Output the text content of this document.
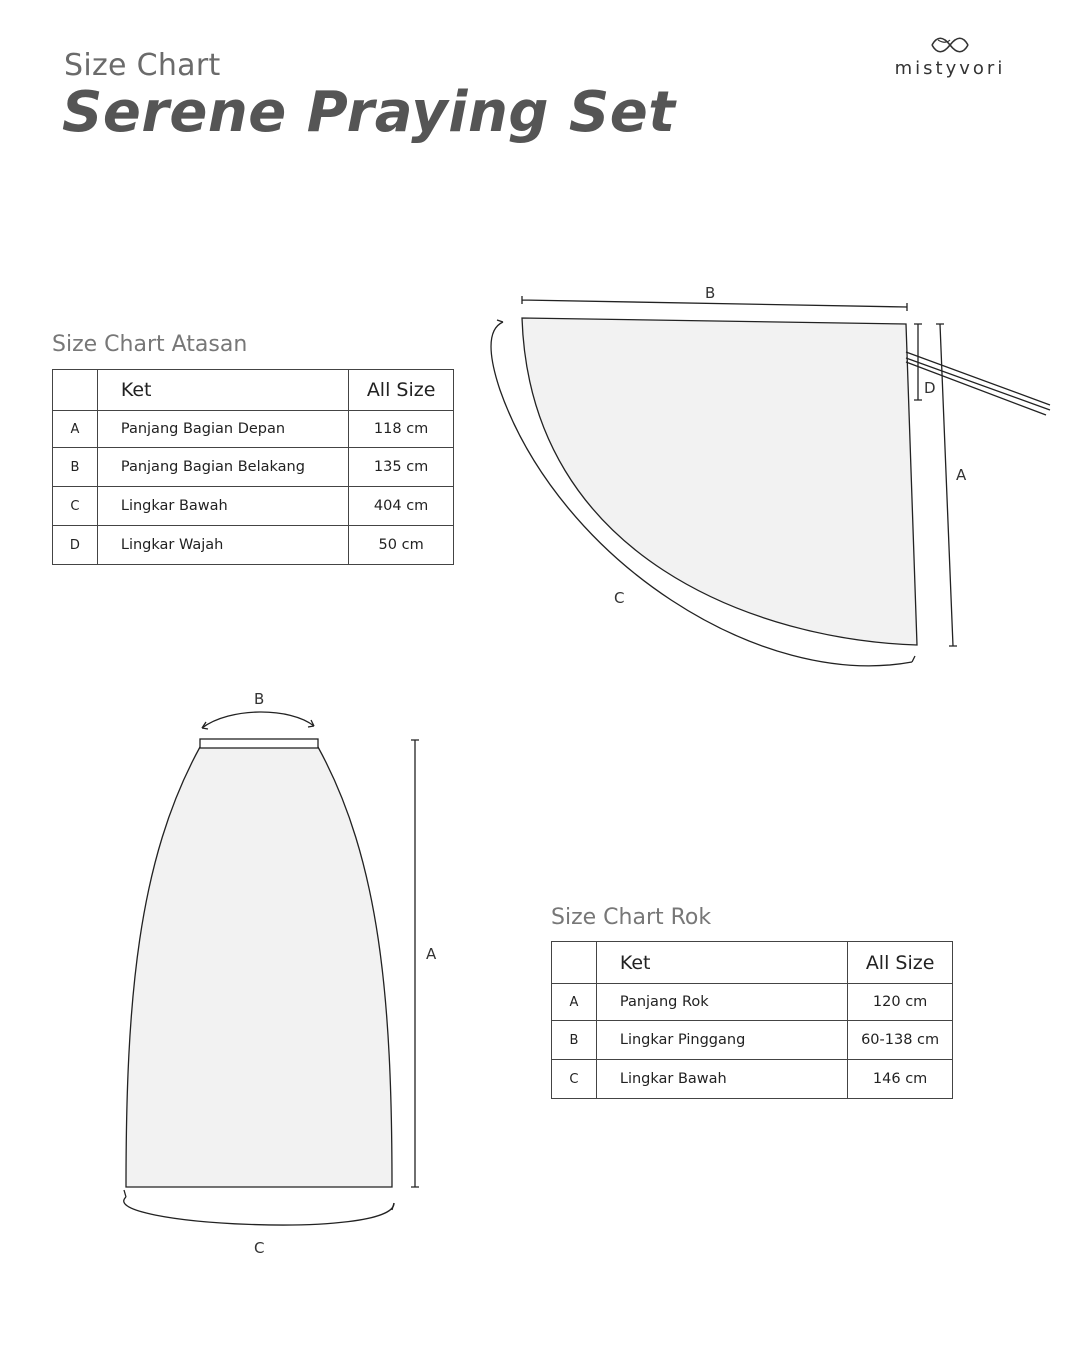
Size Chart
Serene Praying Set
mistyvori
Size Chart Atasan
Size Chart Rok
	Ket	All Size
A	Panjang Bagian Depan	118 cm
B	Panjang Bagian Belakang	135 cm
C	Lingkar Bawah	404 cm
D	Lingkar Wajah	50 cm
	Ket	All Size
A	Panjang Rok	120 cm
B	Lingkar Pinggang	60-138 cm
C	Lingkar Bawah	146 cm
B
D
A
C
B
A
C
